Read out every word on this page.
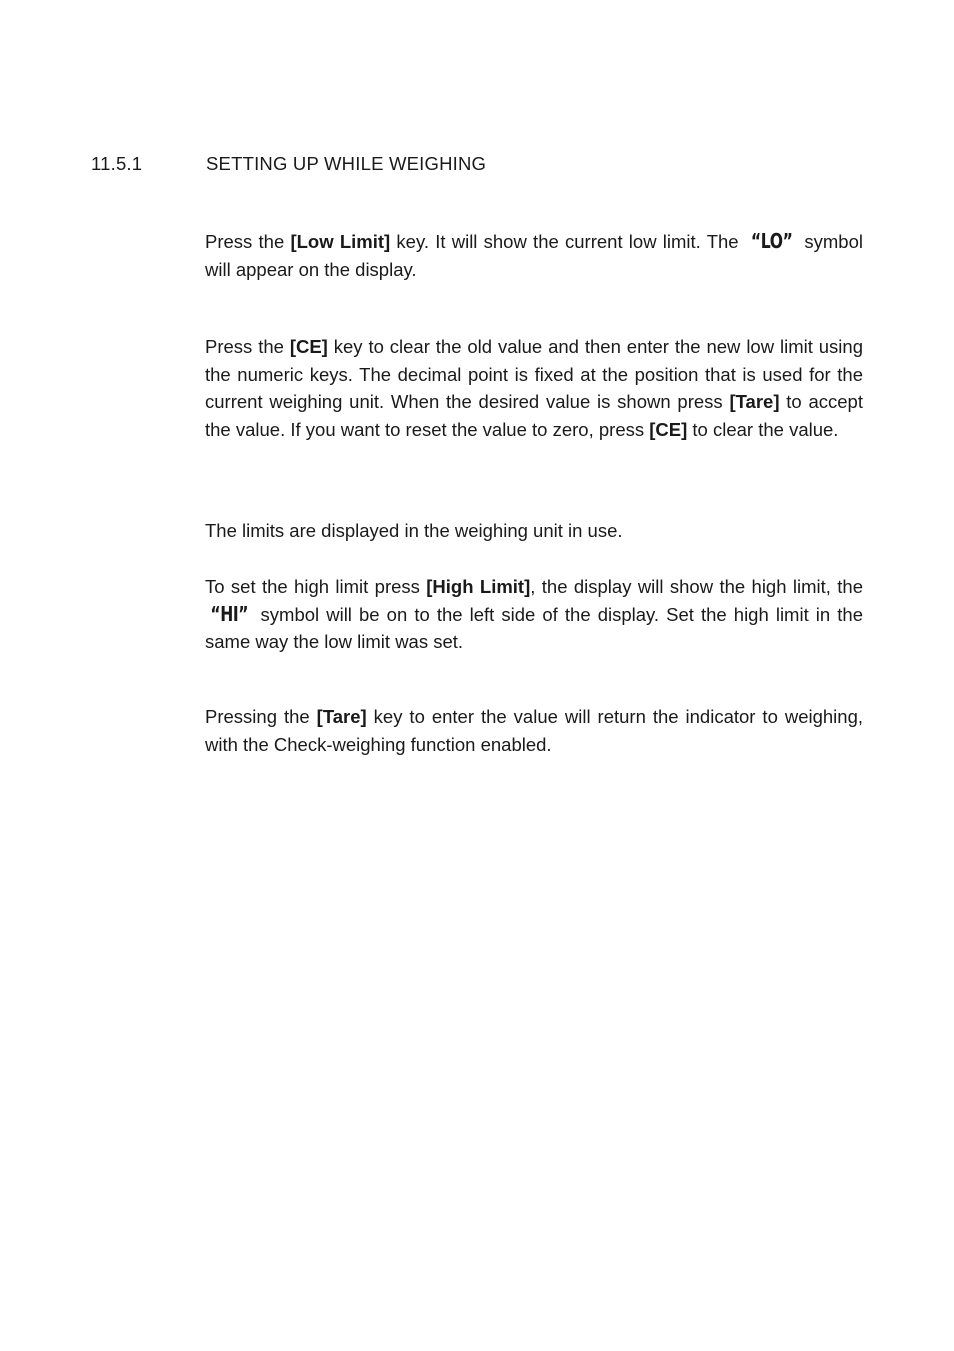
11.5.1	SETTING UP WHILE WEIGHING

Press the [Low Limit] key. It will show the current low limit. The “LO” symbol will appear on the display.

Press the [CE] key to clear the old value and then enter the new low limit using the numeric keys. The decimal point is fixed at the position that is used for the current weighing unit. When the desired value is shown press [Tare] to accept the value. If you want to reset the value to zero, press [CE] to clear the value.

The limits are displayed in the weighing unit in use.

To set the high limit press [High Limit], the display will show the high limit, the “HI” symbol will be on to the left side of the display. Set the high limit in the same way the low limit was set.

Pressing the [Tare] key to enter the value will return the indicator to weighing, with the Check-weighing function enabled.
